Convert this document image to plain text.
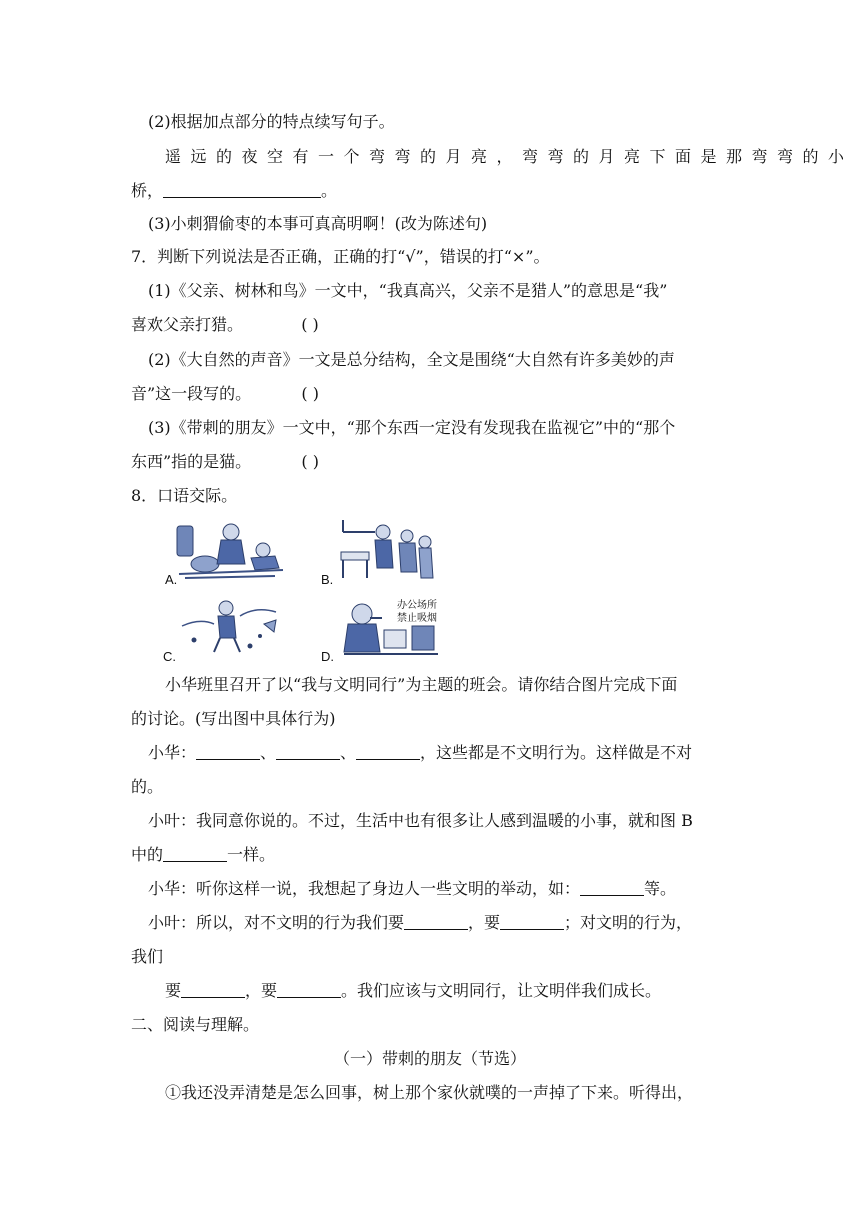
(2)根据加点部分的特点续写句子。
遥远的夜空有一个弯弯的月亮，弯弯的月亮下面是那弯弯的小
桥，	。
(3)小刺猬偷枣的本事可真高明啊！(改为陈述句)
7．判断下列说法是否正确，正确的打“√”，错误的打“×”。
(1)《父亲、树林和鸟》一文中，“我真高兴，父亲不是猎人”的意思是“我”
喜欢父亲打猎。	( )
(2)《大自然的声音》一文是总分结构，全文是围绕“大自然有许多美妙的声
音”这一段写的。	( )
(3)《带刺的朋友》一文中，“那个东西一定没有发现我在监视它”中的“那个
东西”指的是猫。	( )
8．口语交际。
A.	B.
C.
办公场所
禁止吸烟
D.
小华班里召开了以“我与文明同行”为主题的班会。请你结合图片完成下面
的讨论。(写出图中具体行为)
小华：	、	、	，这些都是不文明行为。这样做是不对
的。
小叶：我同意你说的。不过，生活中也有很多让人感到温暖的小事，就和图 B
中的	一样。
小华：听你这样一说，我想起了身边人一些文明的举动，如：	等。
小叶：所以，对不文明的行为我们要	，要	；对文明的行为，
我们
要	，要	。我们应该与文明同行，让文明伴我们成长。
二、阅读与理解。
（一）带刺的朋友（节选）
①我还没弄清楚是怎么回事，树上那个家伙就噗的一声掉了下来。听得出，
